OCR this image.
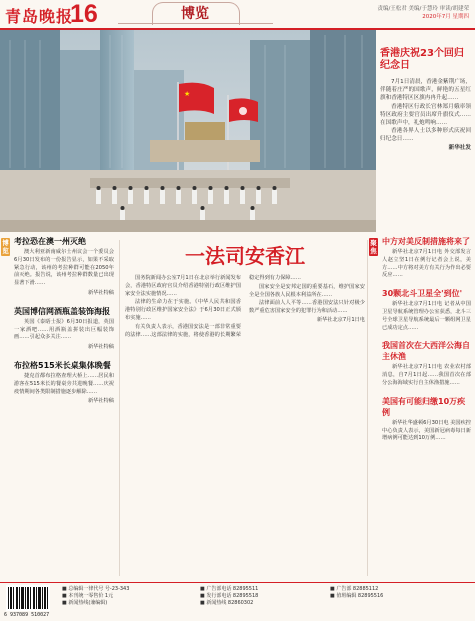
青岛晚报
16	博览	责编/王松君 美编/于慧玲 审读/胡建荣
2020年7月 星期四
★
香港庆祝23个回归纪念日

7月1日清晨，香港金紫荆广场，伴随着庄严的国歌声，鲜艳的五星红旗和香港特区区旗冉冉升起……

香港特区行政长官林郑月娥率领特区政府主要官员出席升旗仪式……在国歌声中，礼炮鸣响……

香港各界人士以多种形式庆祝回归纪念日……

新华社发
博览
考拉恐在澳一州灭绝

澳大利亚新南威尔士州议会一个委员会6月30日发布的一份报告显示，如果不采取紧急行动，该州的考拉种群可能在2050年前灭绝。报告说，该州考拉种群数量已出现显著下滑……

新华社特稿
英国博信网酒瓶盖装饰海报

英国《泰晤士报》6月30日报道，英国一家酒吧……用酒瓶盖拼装出巨幅装饰画……引起众多关注……

新华社特稿
布拉格515米长桌集体晚餐

捷克首都布拉格查理大桥上……居民和游客在515米长的餐桌旁共进晚餐……庆祝疫情期间各类限制措施逐步解除……

新华社特稿
一法司安香江

国务院新闻办公室7月1日在北京举行新闻发布会，香港特区政府官员介绍香港特别行政区维护国家安全法实施情况……

法律的生命力在于实施。《中华人民共和国香港特别行政区维护国家安全法》于6月30日正式颁布实施……

有关负责人表示，香港国安法是一部非常重要的法律……这部法律的实施，将使香港的长期繁荣稳定得到有力保障……

国家安全是安邦定国的重要基石，维护国家安全是全国各族人民根本利益所在……

法律面前人人平等……香港国安法只针对极少数严重危害国家安全的犯罪行为和活动……

新华社北京7月1日电

聚焦
中方对美反制措施将来了

新华社北京7月1日电 外交部发言人赵立坚1日在例行记者会上说，美方……中方将对美方有关行为作出必要反应……

30颗北斗卫星全'到位'

新华社北京7月1日电 记者从中国卫星导航系统管理办公室获悉，北斗三号全球卫星导航系统最后一颗组网卫星已成功定点……

我国首次在大西洋公海自主休渔

新华社北京7月1日电 农业农村部消息，自7月1日起……我国首次在部分公海海域实行自主休渔措施……

美国有可能归缴10万疾例

新华社华盛顿6月30日电 美国疾控中心负责人表示，美国新冠病毒每日新增病例可能达到10万例……

6 937089 510027
■ 总编辑一律代号 号-23-343
■ 本刊统一零售价 1元
■ 新闻热线(兼编辑)
■ 广告部电话 82895511
■ 发行部电话 82895518
■ 新闻热线 82860302
■ 广告部 82885112
■ 值班编辑 82895516
